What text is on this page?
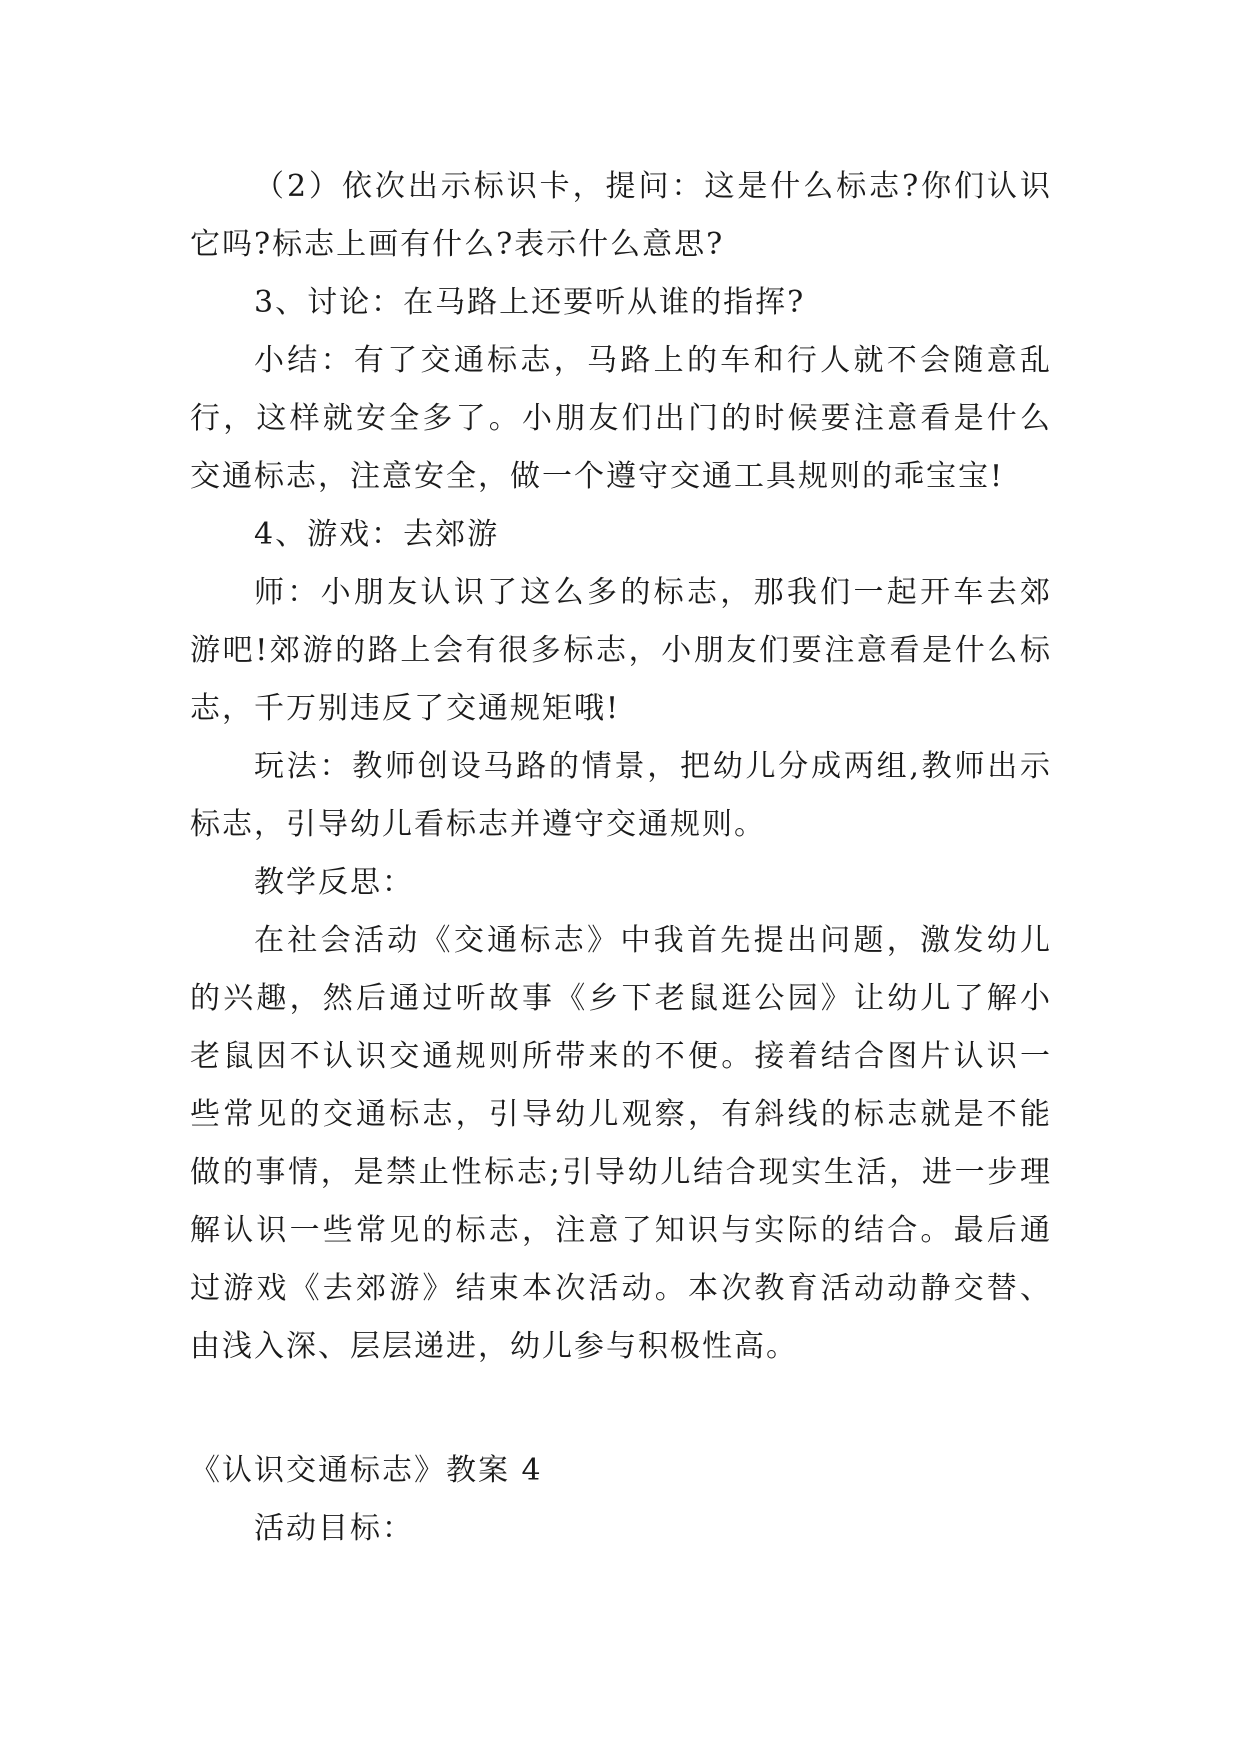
（2）依次出示标识卡，提问：这是什么标志?你们认识它吗?标志上画有什么?表示什么意思?

3、讨论：在马路上还要听从谁的指挥?

小结：有了交通标志，马路上的车和行人就不会随意乱行，这样就安全多了。小朋友们出门的时候要注意看是什么交通标志，注意安全，做一个遵守交通工具规则的乖宝宝!

4、游戏：去郊游

师：小朋友认识了这么多的标志，那我们一起开车去郊游吧!郊游的路上会有很多标志，小朋友们要注意看是什么标志，千万别违反了交通规矩哦!

玩法：教师创设马路的情景，把幼儿分成两组,教师出示标志，引导幼儿看标志并遵守交通规则。

教学反思：

在社会活动《交通标志》中我首先提出问题，激发幼儿的兴趣，然后通过听故事《乡下老鼠逛公园》让幼儿了解小老鼠因不认识交通规则所带来的不便。接着结合图片认识一些常见的交通标志，引导幼儿观察，有斜线的标志就是不能做的事情，是禁止性标志;引导幼儿结合现实生活，进一步理解认识一些常见的标志，注意了知识与实际的结合。最后通过游戏《去郊游》结束本次活动。本次教育活动动静交替、由浅入深、层层递进，幼儿参与积极性高。

《认识交通标志》教案 4

活动目标：
